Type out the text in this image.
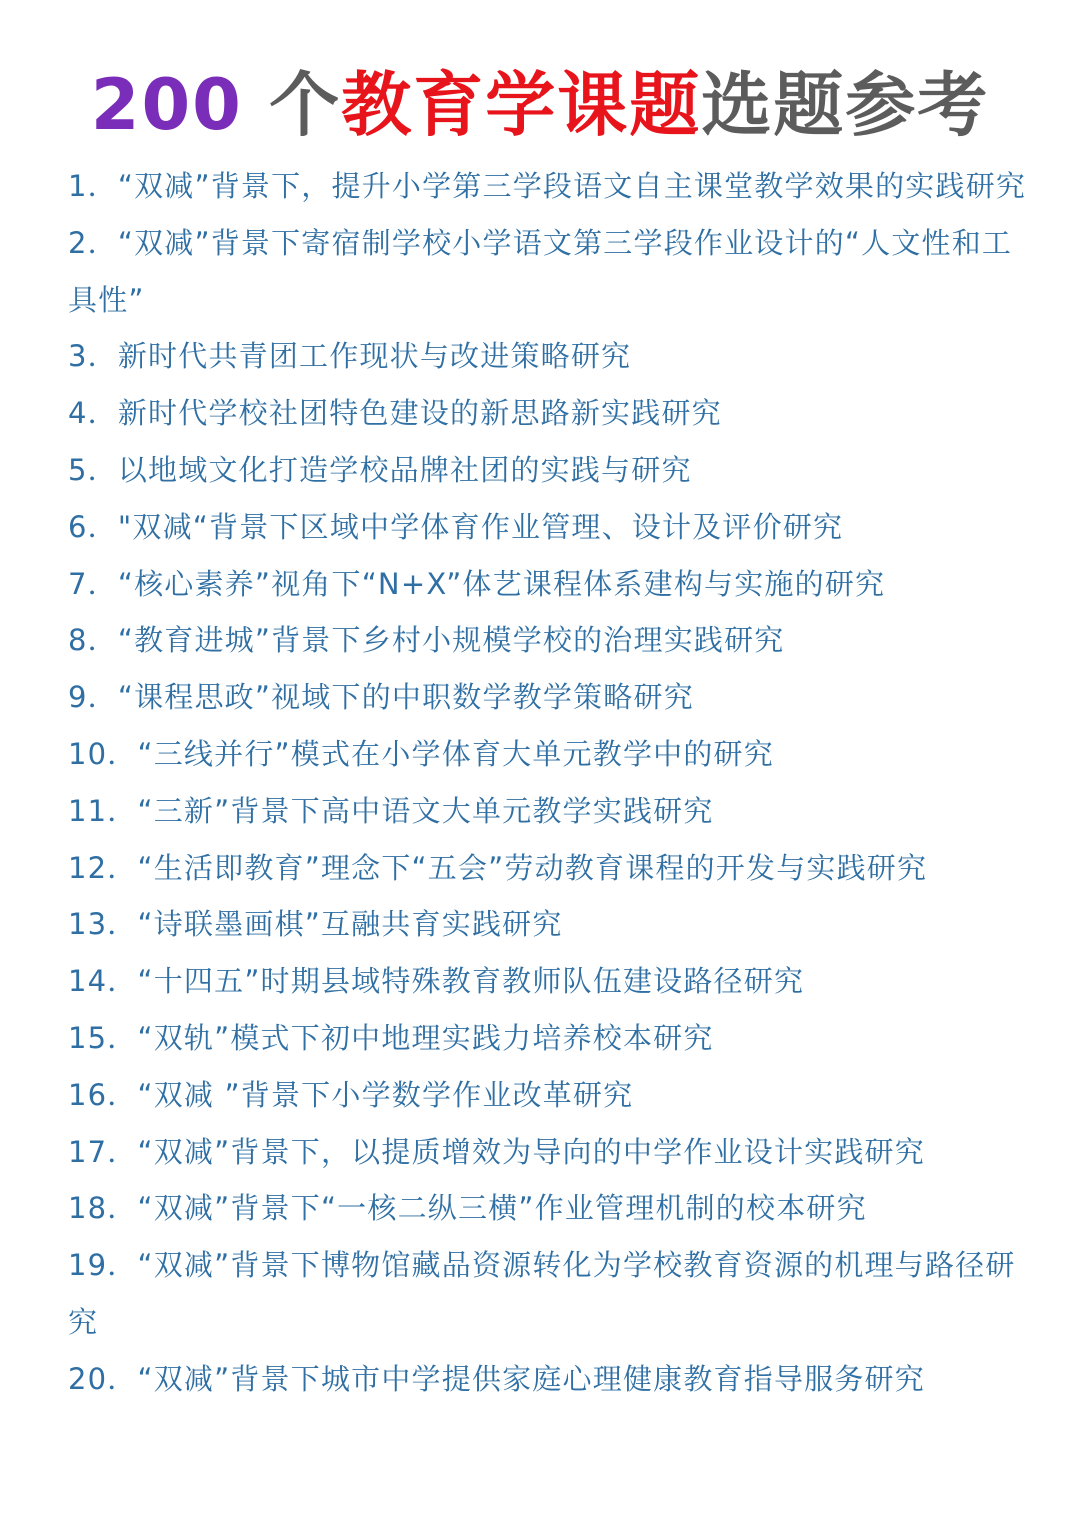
200 个教育学课题选题参考
1．“双减”背景下，提升小学第三学段语文自主课堂教学效果的实践研究
2．“双减”背景下寄宿制学校小学语文第三学段作业设计的“人文性和工具性”
3．新时代共青团工作现状与改进策略研究
4．新时代学校社团特色建设的新思路新实践研究
5．以地域文化打造学校品牌社团的实践与研究
6．"双减“背景下区域中学体育作业管理、设计及评价研究
7．“核心素养”视角下“N+X”体艺课程体系建构与实施的研究
8．“教育进城”背景下乡村小规模学校的治理实践研究
9．“课程思政”视域下的中职数学教学策略研究
10．“三线并行”模式在小学体育大单元教学中的研究
11．“三新”背景下高中语文大单元教学实践研究
12．“生活即教育”理念下“五会”劳动教育课程的开发与实践研究
13．“诗联墨画棋”互融共育实践研究
14．“十四五”时期县域特殊教育教师队伍建设路径研究
15．“双轨”模式下初中地理实践力培养校本研究
16．“双减 ”背景下小学数学作业改革研究
17．“双减”背景下，以提质增效为导向的中学作业设计实践研究
18．“双减”背景下“一核二纵三横”作业管理机制的校本研究
19．“双减”背景下博物馆藏品资源转化为学校教育资源的机理与路径研究
20．“双减”背景下城市中学提供家庭心理健康教育指导服务研究
